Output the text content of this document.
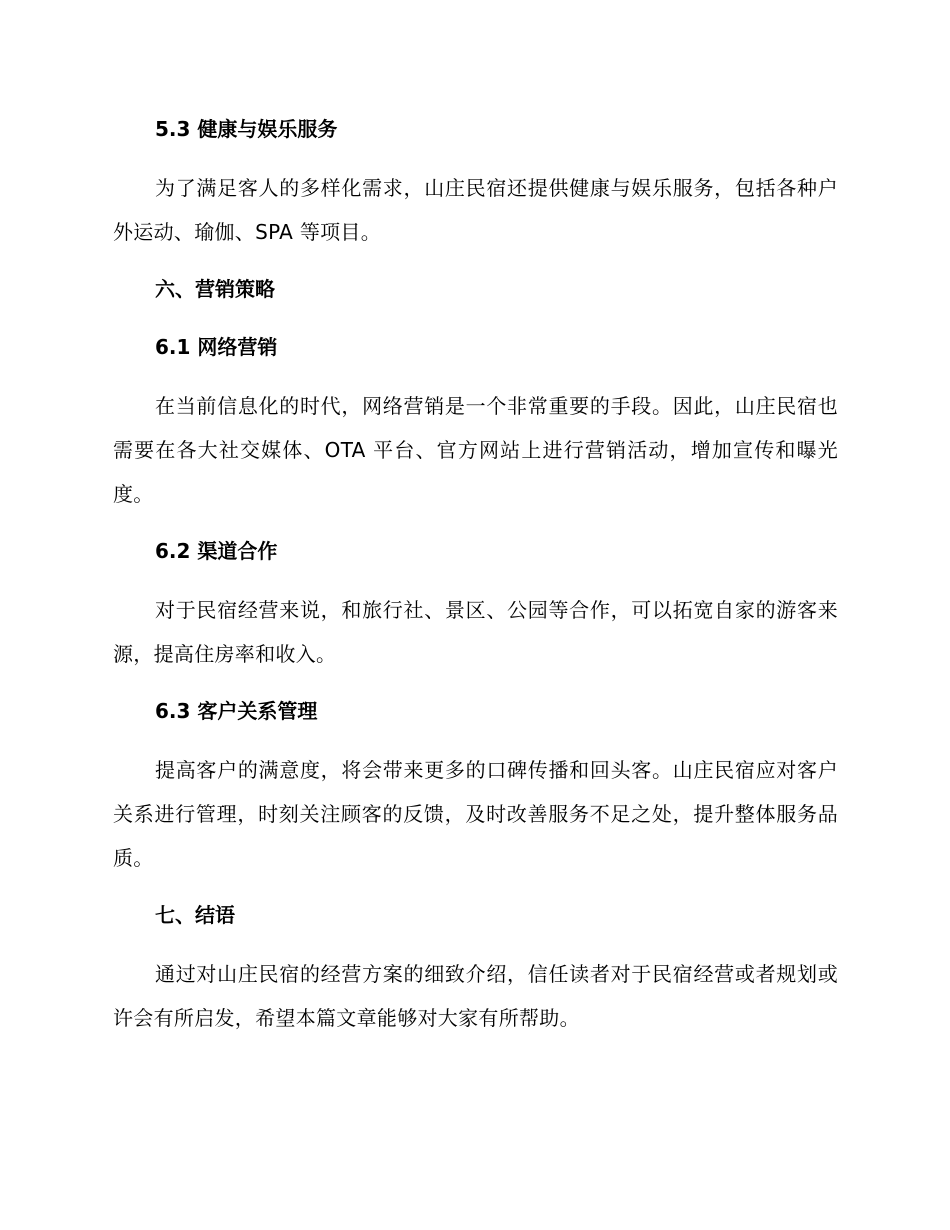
5.3 健康与娱乐服务
为了满足客人的多样化需求，山庄民宿还提供健康与娱乐服务，包括各种户外运动、瑜伽、SPA 等项目。
六、营销策略
6.1 网络营销
在当前信息化的时代，网络营销是一个非常重要的手段。因此，山庄民宿也需要在各大社交媒体、OTA 平台、官方网站上进行营销活动，增加宣传和曝光度。
6.2 渠道合作
对于民宿经营来说，和旅行社、景区、公园等合作，可以拓宽自家的游客来源，提高住房率和收入。
6.3 客户关系管理
提高客户的满意度，将会带来更多的口碑传播和回头客。山庄民宿应对客户关系进行管理，时刻关注顾客的反馈，及时改善服务不足之处，提升整体服务品质。
七、结语
通过对山庄民宿的经营方案的细致介绍，信任读者对于民宿经营或者规划或许会有所启发，希望本篇文章能够对大家有所帮助。
